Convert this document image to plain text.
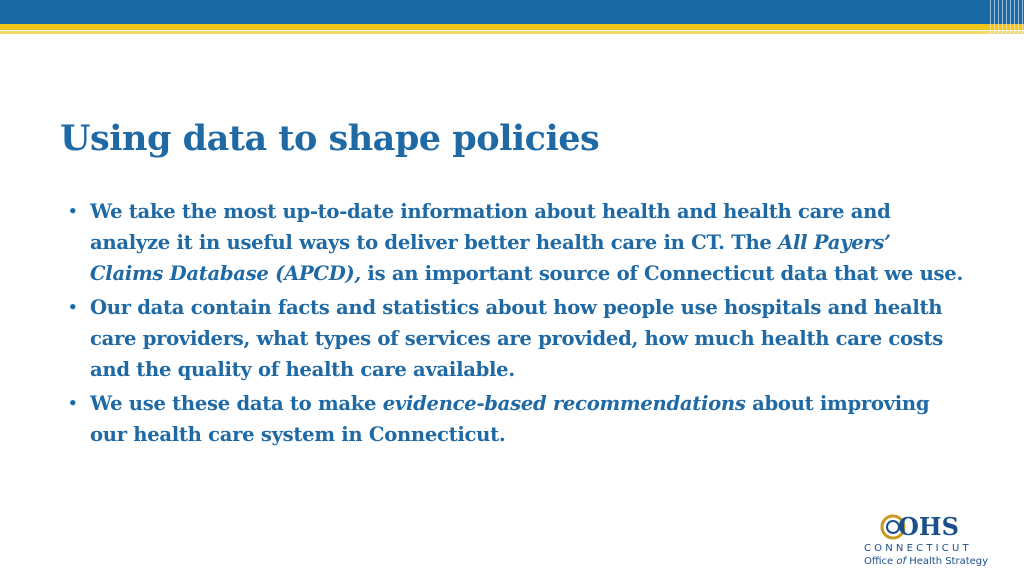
Using data to shape policies
• We take the most up-to-date information about health and health care and analyze it in useful ways to deliver better health care in CT. The All Payers’ Claims Database (APCD), is an important source of Connecticut data that we use.
• Our data contain facts and statistics about how people use hospitals and health care providers, what types of services are provided, how much health care costs and the quality of health care available.
• We use these data to make evidence-based recommendations about improving our health care system in Connecticut.
OHS
CONNECTICUT
Office of Health Strategy
